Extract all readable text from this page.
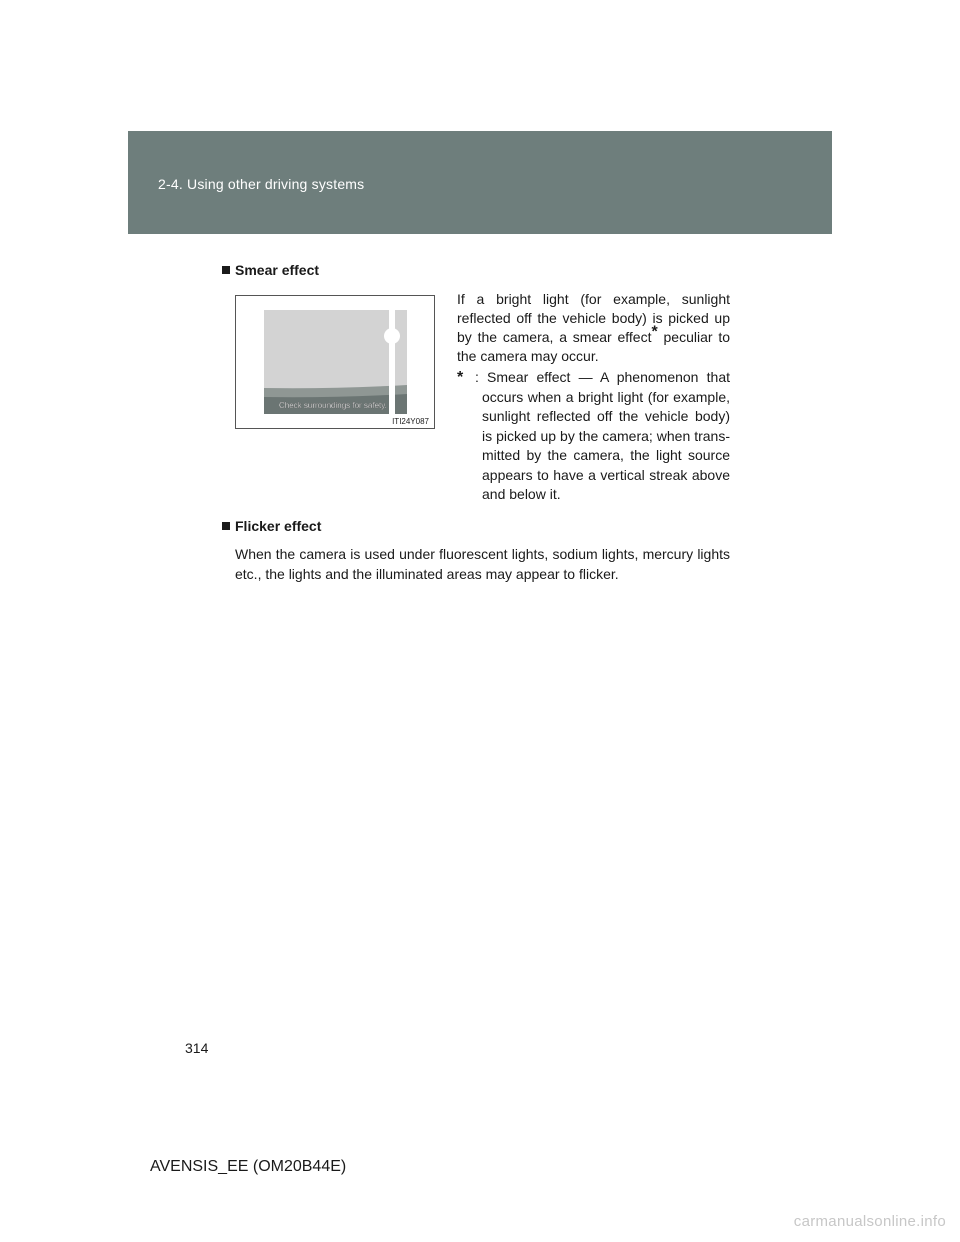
2-4. Using other driving systems
Smear effect
Check surroundings for safety.
ITI24Y087
If a bright light (for example, sunlight reflected off the vehicle body) is picked up by the camera, a smear effect* peculiar to the camera may occur.
* : Smear effect — A phenomenon that occurs when a bright light (for example, sunlight reflected off the vehicle body) is picked up by the camera; when transmitted by the camera, the light source appears to have a vertical streak above and below it.
Flicker effect
When the camera is used under fluorescent lights, sodium lights, mercury lights etc., the lights and the illuminated areas may appear to flicker.
314
AVENSIS_EE (OM20B44E)
carmanualsonline.info
